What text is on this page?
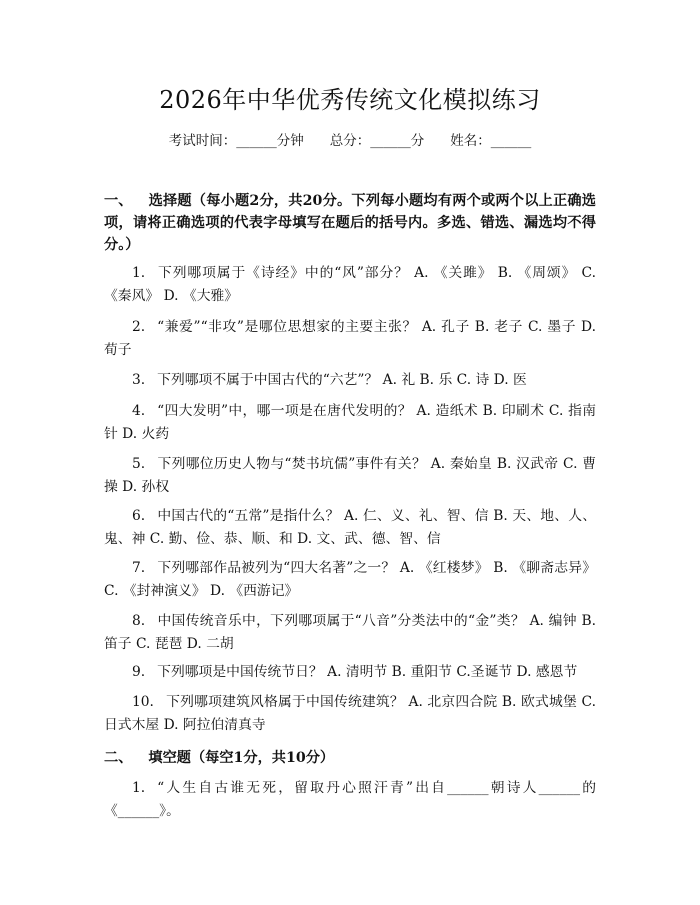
2026年中华优秀传统文化模拟练习
考试时间：______分钟 总分：______分 姓名：______
一、 选择题（每小题2分，共20分。下列每小题均有两个或两个以上正确选项，请将正确选项的代表字母填写在题后的括号内。多选、错选、漏选均不得分。）
1. 下列哪项属于《诗经》中的“风”部分？ A. 《关雎》 B. 《周颂》 C. 《秦风》 D. 《大雅》
2. “兼爱”“非攻”是哪位思想家的主要主张？ A. 孔子 B. 老子 C. 墨子 D. 荀子
3. 下列哪项不属于中国古代的“六艺”？ A. 礼 B. 乐 C. 诗 D. 医
4. “四大发明”中，哪一项是在唐代发明的？ A. 造纸术 B. 印刷术 C. 指南针 D. 火药
5. 下列哪位历史人物与“焚书坑儒”事件有关？ A. 秦始皇 B. 汉武帝 C. 曹操 D. 孙权
6. 中国古代的“五常”是指什么？ A. 仁、义、礼、智、信 B. 天、地、人、鬼、神 C. 勤、俭、恭、顺、和 D. 文、武、德、智、信
7. 下列哪部作品被列为“四大名著”之一？ A. 《红楼梦》 B. 《聊斋志异》 C. 《封神演义》 D. 《西游记》
8. 中国传统音乐中，下列哪项属于“八音”分类法中的“金”类？ A. 编钟 B. 笛子 C. 琵琶 D. 二胡
9. 下列哪项是中国传统节日？ A. 清明节 B. 重阳节 C.圣诞节 D. 感恩节
10. 下列哪项建筑风格属于中国传统建筑？ A. 北京四合院 B. 欧式城堡 C. 日式木屋 D. 阿拉伯清真寺
二、 填空题（每空1分，共10分）
1. “人生自古谁无死，留取丹心照汗青”出自______朝诗人______的《______》。
